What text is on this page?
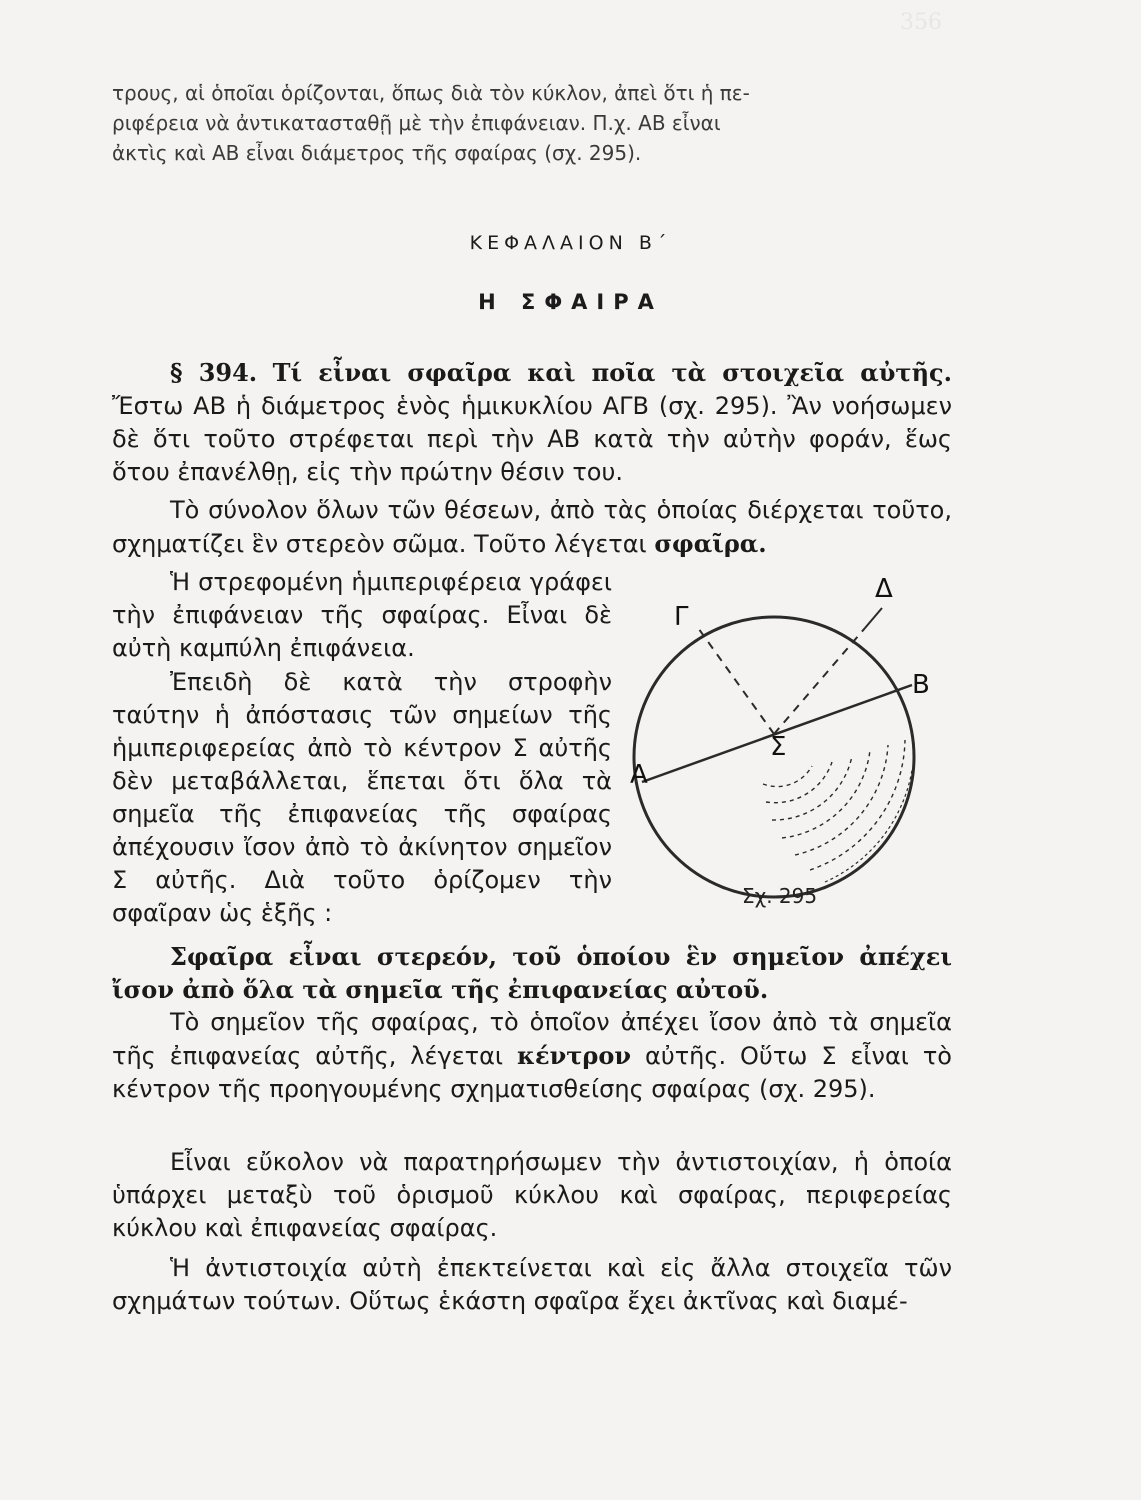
356
τρους, αἱ ὁποῖαι ὁρίζονται, ὅπως διὰ τὸν κύκλον, ἀπεὶ ὅτι ἡ πε-
ριφέρεια νὰ ἀντικατασταθῇ μὲ τὴν ἐπιφάνειαν. Π.χ. ΑΒ εἶναι
ἀκτὶς καὶ ΑΒ εἶναι διάμετρος τῆς σφαίρας (σχ. 295).
ΚΕΦΑΛΑΙΟΝ Β΄
Η ΣΦΑΙΡΑ
§ 394. Τί εἶναι σφαῖρα καὶ ποῖα τὰ στοιχεῖα αὐτῆς. Ἔστω ΑΒ ἡ διάμετρος ἑνὸς ἡμικυκλίου ΑΓΒ (σχ. 295). Ἂν νοήσωμεν δὲ ὅτι τοῦτο στρέφεται περὶ τὴν ΑΒ κατὰ τὴν αὐτὴν φοράν, ἕως ὅτου ἐπανέλθῃ, εἰς τὴν πρώτην θέσιν του.
Τὸ σύνολον ὅλων τῶν θέσεων, ἀπὸ τὰς ὁποίας διέρχεται τοῦτο, σχηματίζει ἓν στερεὸν σῶμα. Τοῦτο λέγεται σφαῖρα.
Ἡ στρεφομένη ἡμιπεριφέρεια γράφει τὴν ἐπιφάνειαν τῆς σφαίρας. Εἶναι δὲ αὐτὴ καμπύλη ἐπιφάνεια.
Ἐπειδὴ δὲ κατὰ τὴν στροφὴν ταύτην ἡ ἀπόστασις τῶν σημείων τῆς ἡμιπεριφερείας ἀπὸ τὸ κέντρον Σ αὐτῆς δὲν μεταβάλλεται, ἕπεται ὅτι ὅλα τὰ σημεῖα τῆς ἐπιφανείας τῆς σφαίρας ἀπέχουσιν ἴσον ἀπὸ τὸ ἀκίνητον σημεῖον Σ αὐτῆς. Διὰ τοῦτο ὁρίζομεν τὴν σφαῖραν ὡς ἑξῆς :
Γ
Δ
Β
Α
Σ
Σχ. 295
Σφαῖρα εἶναι στερεόν, τοῦ ὁποίου ἓν σημεῖον ἀπέχει ἴσον ἀπὸ ὅλα τὰ σημεῖα τῆς ἐπιφανείας αὐτοῦ.
Τὸ σημεῖον τῆς σφαίρας, τὸ ὁποῖον ἀπέχει ἴσον ἀπὸ τὰ σημεῖα τῆς ἐπιφανείας αὐτῆς, λέγεται κέντρον αὐτῆς. Οὕτω Σ εἶναι τὸ κέντρον τῆς προηγουμένης σχηματισθείσης σφαίρας (σχ. 295).
Εἶναι εὔκολον νὰ παρατηρήσωμεν τὴν ἀντιστοιχίαν, ἡ ὁποία ὑπάρχει μεταξὺ τοῦ ὁρισμοῦ κύκλου καὶ σφαίρας, περιφερείας κύκλου καὶ ἐπιφανείας σφαίρας.
Ἡ ἀντιστοιχία αὐτὴ ἐπεκτείνεται καὶ εἰς ἄλλα στοιχεῖα τῶν σχημάτων τούτων. Οὕτως ἑκάστη σφαῖρα ἔχει ἀκτῖνας καὶ διαμέ-
